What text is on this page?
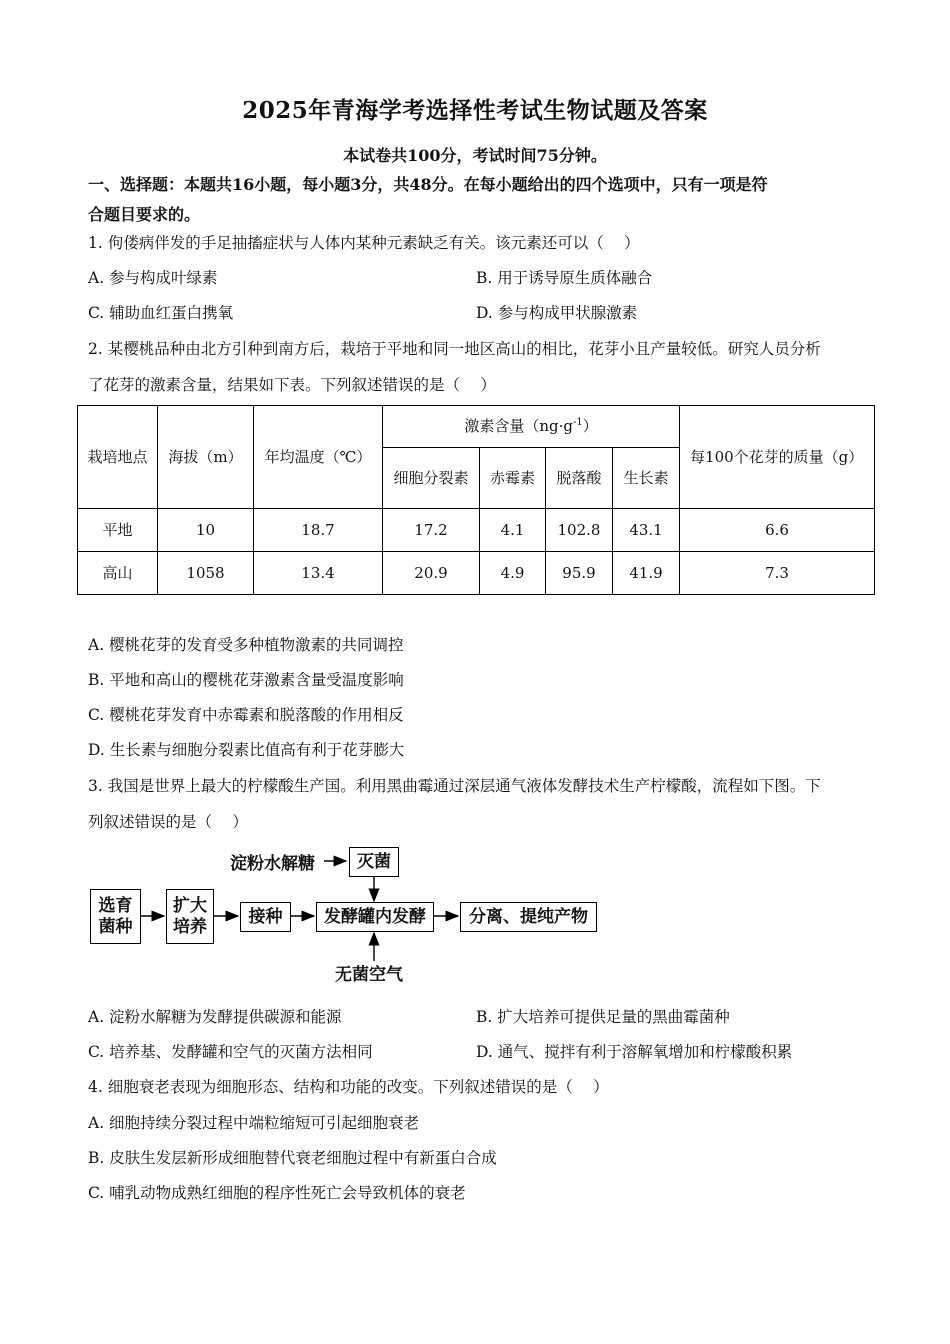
2025年青海学考选择性考试生物试题及答案
本试卷共100分，考试时间75分钟。
一、选择题：本题共16小题，每小题3分，共48分。在每小题给出的四个选项中，只有一项是符
合题目要求的。
1. 佝偻病伴发的手足抽搐症状与人体内某种元素缺乏有关。该元素还可以（　 ）
A. 参与构成叶绿素	B. 用于诱导原生质体融合
C. 辅助血红蛋白携氧	D. 参与构成甲状腺激素
2. 某樱桃品种由北方引种到南方后，栽培于平地和同一地区高山的相比，花芽小且产量较低。研究人员分析
了花芽的激素含量，结果如下表。下列叙述错误的是（　 ）
栽培地点	海拔（m）	年均温度（℃）	激素含量$(ng\cdot g^{-1})$				每100个花芽的质量（g）
			细胞分裂素	赤霉素	脱落酸	生长素	
平地	10	18.7	17.2	4.1	102.8	43.1	6.6
高山	1058	13.4	20.9	4.9	95.9	41.9	7.3
A. 樱桃花芽的发育受多种植物激素的共同调控
B. 平地和高山的樱桃花芽激素含量受温度影响
C. 樱桃花芽发育中赤霉素和脱落酸的作用相反
D. 生长素与细胞分裂素比值高有利于花芽膨大
3. 我国是世界上最大的柠檬酸生产国。利用黑曲霉通过深层通气液体发酵技术生产柠檬酸，流程如下图。下
列叙述错误的是（　 ）
淀粉水解糖	灭菌
选育
菌种
扩大
培养	接种	发酵罐内发酵	分离、提纯产物
无菌空气
A. 淀粉水解糖为发酵提供碳源和能源	B. 扩大培养可提供足量的黑曲霉菌种
C. 培养基、发酵罐和空气的灭菌方法相同	D. 通气、搅拌有利于溶解氧增加和柠檬酸积累
4. 细胞衰老表现为细胞形态、结构和功能的改变。下列叙述错误的是（　 ）
A. 细胞持续分裂过程中端粒缩短可引起细胞衰老
B. 皮肤生发层新形成细胞替代衰老细胞过程中有新蛋白合成
C. 哺乳动物成熟红细胞的程序性死亡会导致机体的衰老
